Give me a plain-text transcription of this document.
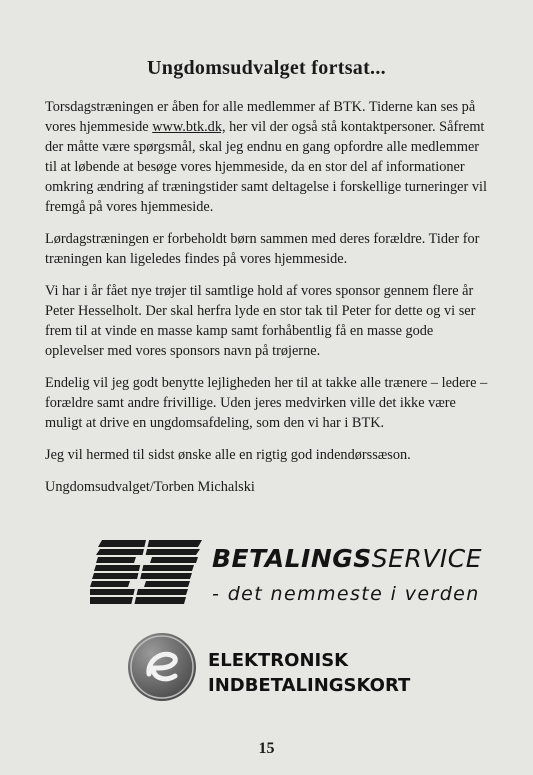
Ungdomsudvalget fortsat...

Torsdagstræningen er åben for alle medlemmer af BTK. Tiderne kan ses på vores hjemmeside www.btk.dk, her vil der også stå kontaktpersoner. Såfremt der måtte være spørgsmål, skal jeg endnu en gang opfordre alle medlemmer til at løbende at besøge vores hjemmeside, da en stor del af informationer omkring ændring af træningstider samt deltagelse i forskellige turneringer vil fremgå på vores hjemmeside.

Lørdagstræningen er forbeholdt børn sammen med deres forældre. Tider for træningen kan ligeledes findes på vores hjemmeside.

Vi har i år fået nye trøjer til samtlige hold af vores sponsor gennem flere år Peter Hesselholt. Der skal herfra lyde en stor tak til Peter for dette og vi ser frem til at vinde en masse kamp samt forhåbentlig få en masse gode oplevelser med vores sponsors navn på trøjerne.

Endelig vil jeg godt benytte lejligheden her til at takke alle trænere – ledere – forældre samt andre frivillige. Uden jeres medvirken ville det ikke være muligt at drive en ungdomsafdeling, som den vi har i BTK.

Jeg vil hermed til sidst ønske alle en rigtig god indendørssæson.

Ungdomsudvalget/Torben Michalski

BETALINGSSERVICE
- det nemmeste i verden
ELEKTRONISK
INDBETALINGSKORT
15
